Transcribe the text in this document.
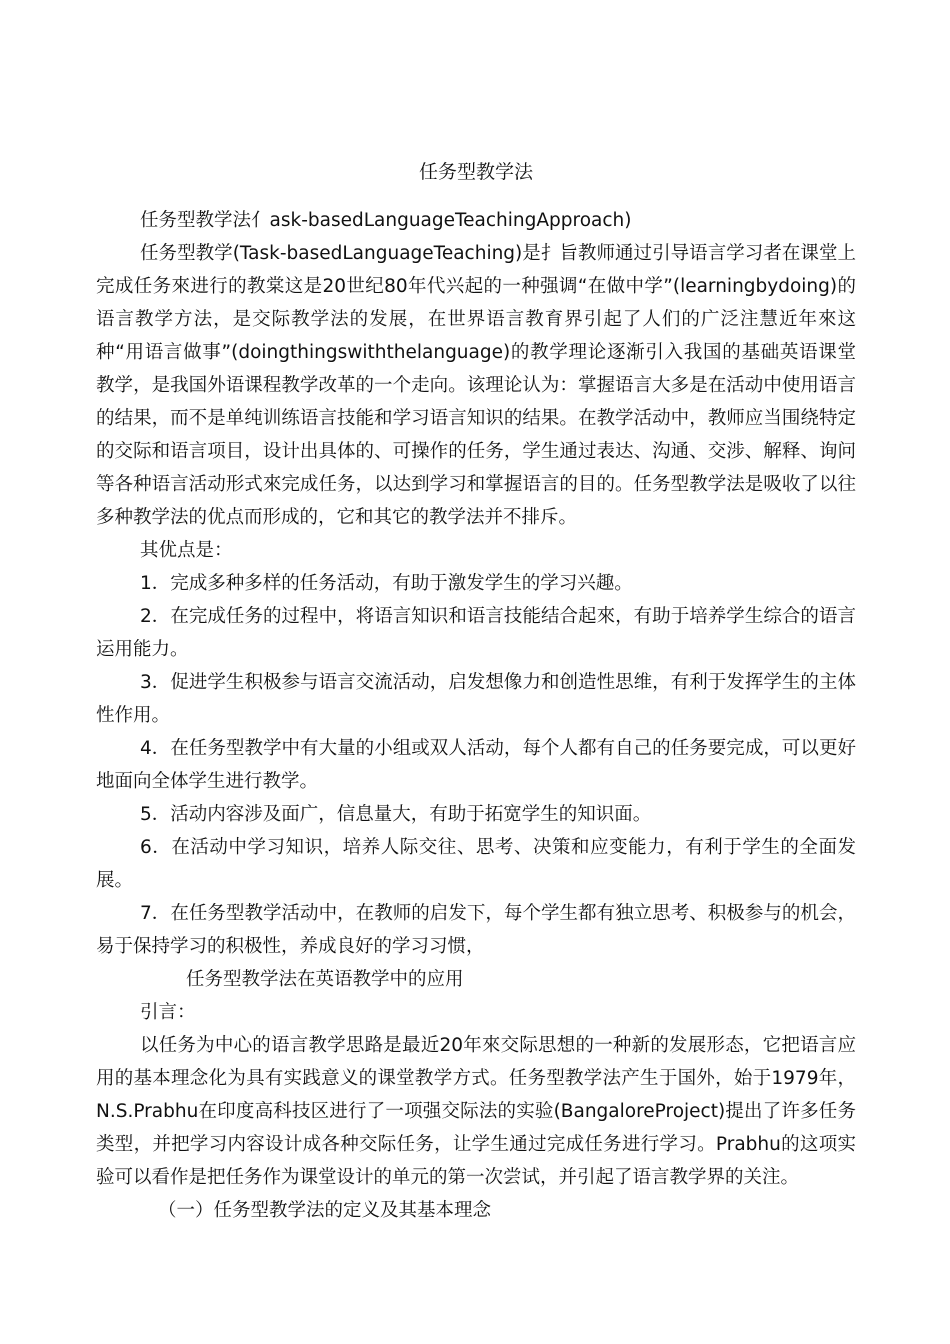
任务型教学法

任务型教学法亻ask-basedLanguageTeachingApproach)

任务型教学(Task-basedLanguageTeaching)是扌旨教师通过引导语言学习者在课堂上完成任务來进行的教棠这是20世纪80年代兴起的一种强调“在做中学”(learningbydoing)的语言教学方法，是交际教学法的发展，在世界语言教育界引起了人们的广泛注慧近年來这种“用语言做事”(doingthingswiththelanguage)的教学理论逐渐引入我国的基础英语课堂教学，是我国外语课程教学改革的一个走向。该理论认为：掌握语言大多是在活动中使用语言的结果，而不是单纯训练语言技能和学习语言知识的结果。在教学活动中，教师应当围绕特定的交际和语言项目，设计出具体的、可操作的任务，学生通过表达、沟通、交涉、解释、询问等各种语言活动形式來完成任务，以达到学习和掌握语言的目的。任务型教学法是吸收了以往多种教学法的优点而形成的，它和其它的教学法并不排斥。

其优点是：

1．完成多种多样的任务活动，有助于激发学生的学习兴趣。

2．在完成任务的过程中，将语言知识和语言技能结合起來，有助于培养学生综合的语言运用能力。

3．促进学生积极参与语言交流活动，启发想像力和创造性思维，有利于发挥学生的主体性作用。

4．在任务型教学中有大量的小组或双人活动，每个人都有自己的任务要完成，可以更好地面向全体学生进行教学。

5．活动内容涉及面广，信息量大，有助于拓宽学生的知识面。

6．在活动中学习知识，培养人际交往、思考、决策和应变能力，有利于学生的全面发展。

7．在任务型教学活动中，在教师的启发下，每个学生都有独立思考、积极参与的机会，易于保持学习的积极性，养成良好的学习习惯，

任务型教学法在英语教学中的应用

引言：

以任务为中心的语言教学思路是最近20年來交际思想的一种新的发展形态，它把语言应用的基本理念化为具有实践意义的课堂教学方式。任务型教学法产生于国外，始于1979年，N.S.Prabhu在印度高科技区进行了一项强交际法的实验(BangaloreProject)提出了许多任务类型，并把学习内容设计成各种交际任务，让学生通过完成任务进行学习。Prabhu的这项实验可以看作是把任务作为课堂设计的单元的第一次尝试，并引起了语言教学界的关注。

（一）任务型教学法的定义及其基本理念
